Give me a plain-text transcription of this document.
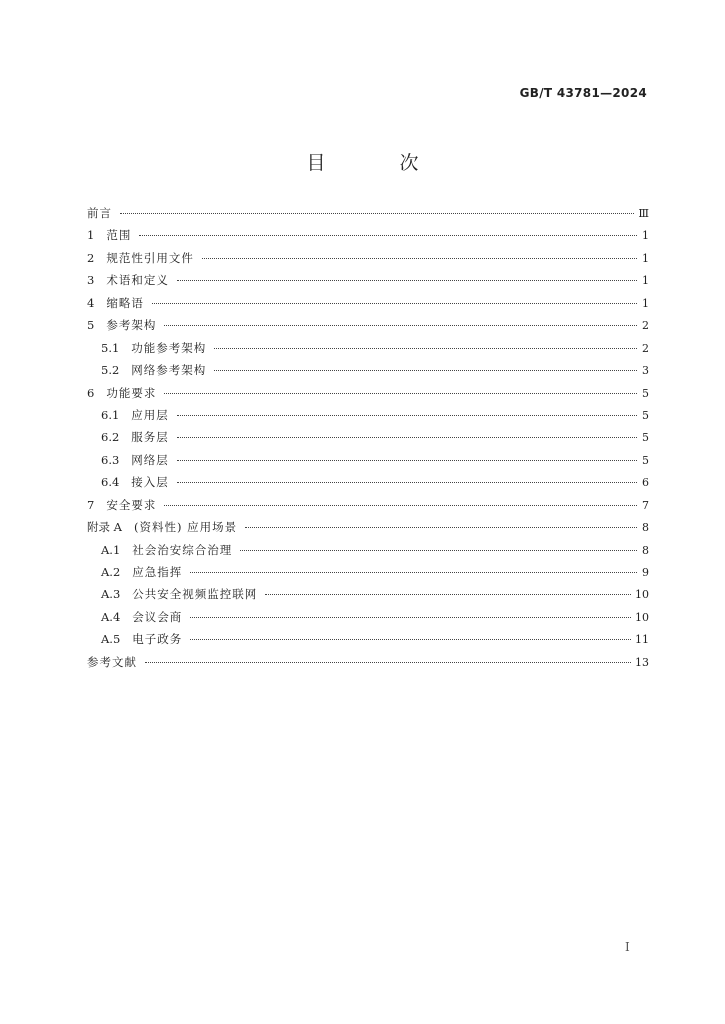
GB/T 43781—2024
目 次
前言	Ⅲ
1 范围	1
2 规范性引用文件	1
3 术语和定义	1
4 缩略语	1
5 参考架构	2
5.1 功能参考架构	2
5.2 网络参考架构	3
6 功能要求	5
6.1 应用层	5
6.2 服务层	5
6.3 网络层	5
6.4 接入层	6
7 安全要求	7
附录 A (资料性) 应用场景	8
A.1 社会治安综合治理	8
A.2 应急指挥	9
A.3 公共安全视频监控联网	10
A.4 会议会商	10
A.5 电子政务	11
参考文献	13
Ⅰ
